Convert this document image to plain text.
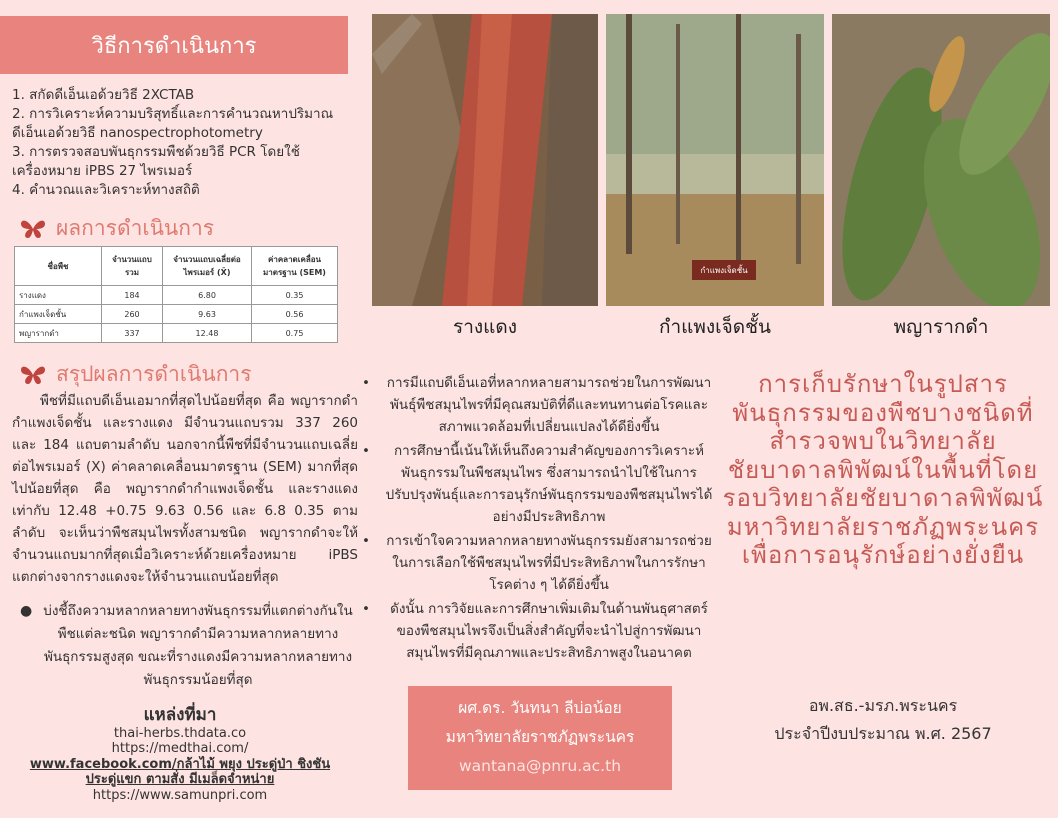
วิธีการดำเนินการ
1. สกัดดีเอ็นเอด้วยวิธี 2XCTAB
2. การวิเคราะห์ความบริสุทธิ์และการคำนวณหาปริมาณดีเอ็นเอด้วยวิธี nanospectrophotometry
3. การตรวจสอบพันธุกรรมพืชด้วยวิธี PCR โดยใช้เครื่องหมาย iPBS 27 ไพรเมอร์
4. คำนวณและวิเคราะห์ทางสถิติ
ผลการดำเนินการ
ชื่อพืช	จำนวนแถบรวม	จำนวนแถบเฉลี่ยต่อไพรเมอร์ (X̄)	ค่าคลาดเคลื่อนมาตรฐาน (SEM)
รางแดง	184	6.80	0.35
กำแพงเจ็ดชั้น	260	9.63	0.56
พญารากดำ	337	12.48	0.75
สรุปผลการดำเนินการ
พืชที่มีแถบดีเอ็นเอมากที่สุดไปน้อยที่สุด คือ พญารากดำ กำแพงเจ็ดชั้น และรางแดง มีจำนวนแถบรวม 337 260 และ 184 แถบตามลำดับ นอกจากนี้พืชที่มีจำนวนแถบเฉลี่ยต่อไพรเมอร์ (X) ค่าคลาดเคลื่อนมาตรฐาน (SEM) มากที่สุดไปน้อยที่สุด คือ พญารากดำกำแพงเจ็ดชั้น และรางแดง เท่ากับ 12.48 +0.75 9.63 0.56 และ 6.8 0.35 ตามลำดับ จะเห็นว่าพืชสมุนไพรทั้งสามชนิด พญารากดำจะให้จำนวนแถบมากที่สุดเมื่อวิเคราะห์ด้วยเครื่องหมาย iPBS แตกต่างจากรางแดงจะให้จำนวนแถบน้อยที่สุด
● บ่งชี้ถึงความหลากหลายทางพันธุกรรมที่แตกต่างกันในพืชแต่ละชนิด พญารากดำมีความหลากหลายทางพันธุกรรมสูงสุด ขณะที่รางแดงมีความหลากหลายทางพันธุกรรมน้อยที่สุด
แหล่งที่มา
thai-herbs.thdata.co
https://medthai.com/
www.facebook.com/กล้าไม้ พยุง ประดู่ป่า ชิงชัน ประดู่แขก ตามสั่ง มีเมล็ดจำหน่าย
https://www.samunpri.com
กำแพงเจ็ดชั้น
รางแดง	กำแพงเจ็ดชั้น	พญารากดำ
• การมีแถบดีเอ็นเอที่หลากหลายสามารถช่วยในการพัฒนาพันธุ์พืชสมุนไพรที่มีคุณสมบัติที่ดีและทนทานต่อโรคและสภาพแวดล้อมที่เปลี่ยนแปลงได้ดียิ่งขึ้น
• การศึกษานี้เน้นให้เห็นถึงความสำคัญของการวิเคราะห์พันธุกรรมในพืชสมุนไพร ซึ่งสามารถนำไปใช้ในการปรับปรุงพันธุ์และการอนุรักษ์พันธุกรรมของพืชสมุนไพรได้อย่างมีประสิทธิภาพ
• การเข้าใจความหลากหลายทางพันธุกรรมยังสามารถช่วยในการเลือกใช้พืชสมุนไพรที่มีประสิทธิภาพในการรักษาโรคต่าง ๆ ได้ดียิ่งขึ้น
• ดังนั้น การวิจัยและการศึกษาเพิ่มเติมในด้านพันธุศาสตร์ของพืชสมุนไพรจึงเป็นสิ่งสำคัญที่จะนำไปสู่การพัฒนาสมุนไพรที่มีคุณภาพและประสิทธิภาพสูงในอนาคต
ผศ.ดร. วันทนา ลีบ่อน้อย
มหาวิทยาลัยราชภัฏพระนคร
wantana@pnru.ac.th
การเก็บรักษาในรูปสารพันธุกรรมของพืชบางชนิดที่สำรวจพบในวิทยาลัยชัยบาดาลพิพัฒน์ในพื้นที่โดยรอบวิทยาลัยชัยบาดาลพิพัฒน์มหาวิทยาลัยราชภัฏพระนครเพื่อการอนุรักษ์อย่างยั่งยืน
อพ.สธ.-มรภ.พระนคร
ประจำปีงบประมาณ พ.ศ. 2567
